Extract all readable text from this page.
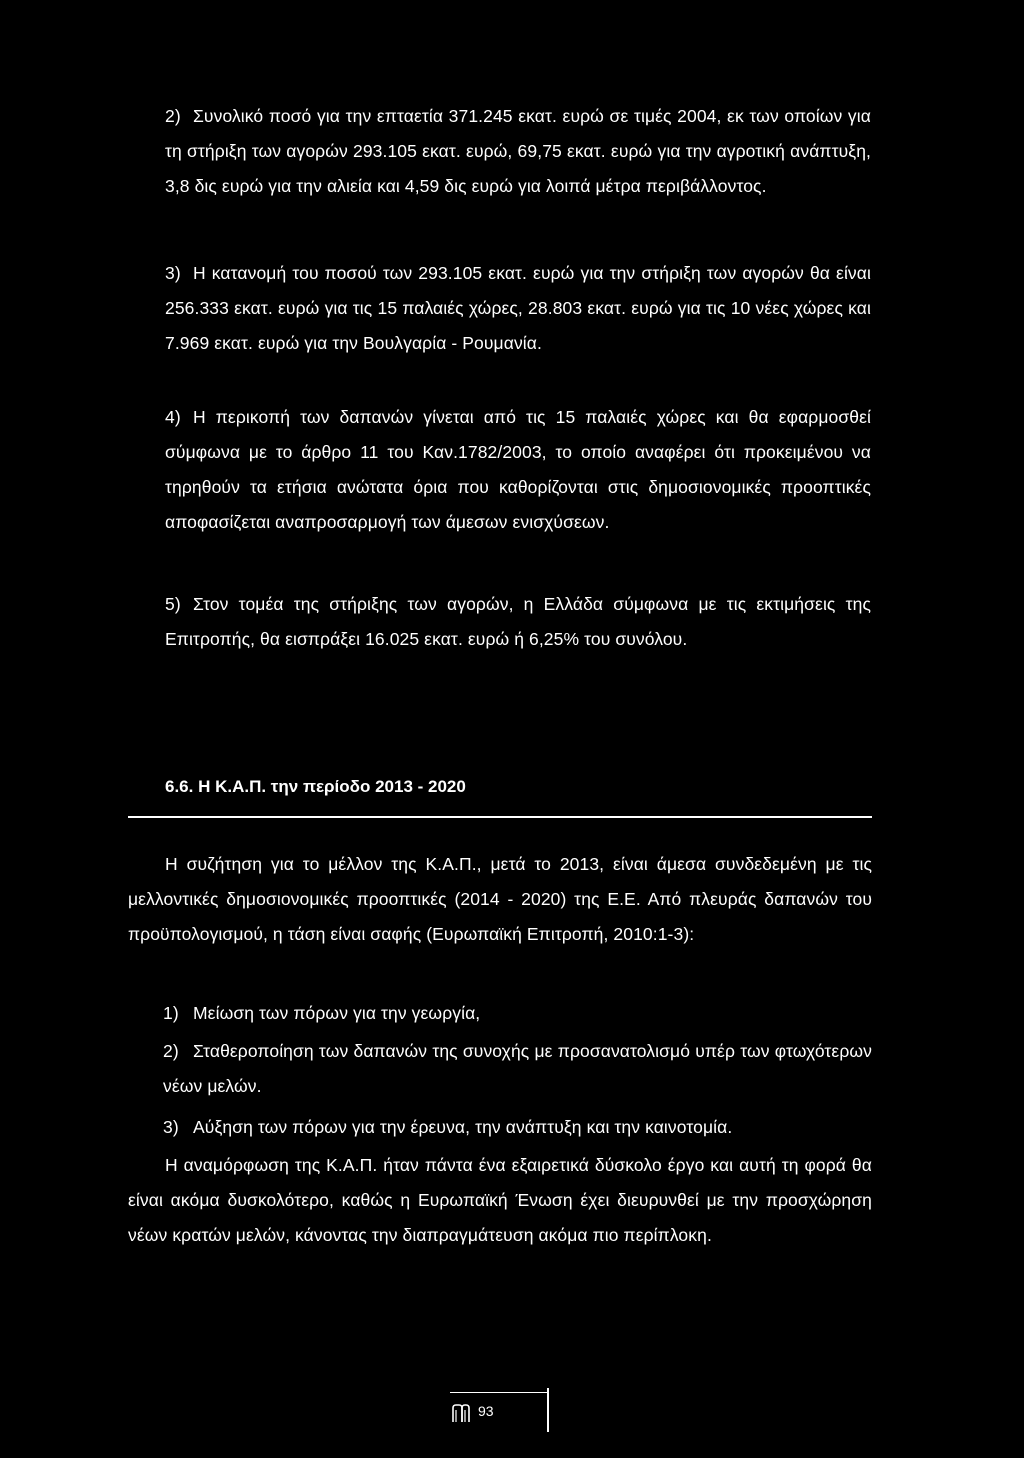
2) Συνολικό ποσό για την επταετία 371.245 εκατ. ευρώ σε τιμές 2004, εκ των οποίων για τη στήριξη των αγορών 293.105 εκατ. ευρώ, 69,75 εκατ. ευρώ για την αγροτική ανάπτυξη, 3,8 δις ευρώ για την αλιεία και 4,59 δις ευρώ για λοιπά μέτρα περιβάλλοντος.
3) Η κατανομή του ποσού των 293.105 εκατ. ευρώ για την στήριξη των αγορών θα είναι 256.333 εκατ. ευρώ για τις 15 παλαιές χώρες, 28.803 εκατ. ευρώ για τις 10 νέες χώρες και 7.969 εκατ. ευρώ για την Βουλγαρία - Ρουμανία.
4) Η περικοπή των δαπανών γίνεται από τις 15 παλαιές χώρες και θα εφαρμοσθεί σύμφωνα με το άρθρο 11 του Καν.1782/2003, το οποίο αναφέρει ότι προκειμένου να τηρηθούν τα ετήσια ανώτατα όρια που καθορίζονται στις δημοσιονομικές προοπτικές αποφασίζεται αναπροσαρμογή των άμεσων ενισχύσεων.
5) Στον τομέα της στήριξης των αγορών, η Ελλάδα σύμφωνα με τις εκτιμήσεις της Επιτροπής, θα εισπράξει 16.025 εκατ. ευρώ ή 6,25% του συνόλου.
6.6. Η Κ.Α.Π. την περίοδο 2013 - 2020
Η συζήτηση για το μέλλον της Κ.Α.Π., μετά το 2013, είναι άμεσα συνδεδεμένη με τις μελλοντικές δημοσιονομικές προοπτικές (2014 - 2020) της Ε.Ε. Από πλευράς δαπανών του προϋπολογισμού, η τάση είναι σαφής (Ευρωπαϊκή Επιτροπή, 2010:1-3):
1) Μείωση των πόρων για την γεωργία,
2) Σταθεροποίηση των δαπανών της συνοχής με προσανατολισμό υπέρ των φτωχότερων νέων μελών.
3) Αύξηση των πόρων για την έρευνα, την ανάπτυξη και την καινοτομία.
Η αναμόρφωση της Κ.Α.Π. ήταν πάντα ένα εξαιρετικά δύσκολο έργο και αυτή τη φορά θα είναι ακόμα δυσκολότερο, καθώς η Ευρωπαϊκή Ένωση έχει διευρυνθεί με την προσχώρηση νέων κρατών μελών, κάνοντας την διαπραγμάτευση ακόμα πιο περίπλοκη.
93
